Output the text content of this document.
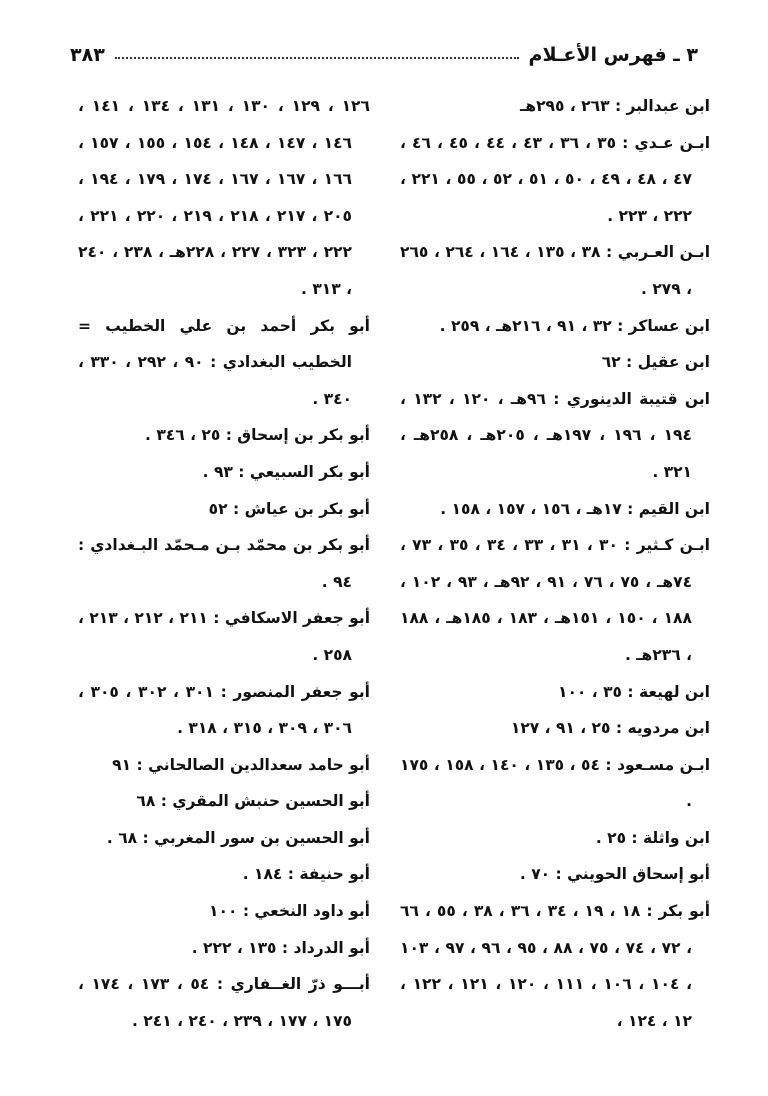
٣ ـ فهرس الأعـلام
٣٨٣
ابن عبدالبر : ٢٦٣ ، ٢٩٥هـ
ابـن عـدي : ٣٥ ، ٣٦ ، ٤٣ ، ٤٤ ، ٤٥ ، ٤٦ ، ٤٧ ، ٤٨ ، ٤٩ ، ٥٠ ، ٥١ ، ٥٢ ، ٥٥ ، ٢٢١ ، ٢٢٢ ، ٢٢٣ .
ابـن العـربي : ٣٨ ، ١٣٥ ، ١٦٤ ، ٢٦٤ ، ٢٦٥ ، ٢٧٩ .
ابن عساكر : ٣٢ ، ٩١ ، ٢١٦هـ ، ٢٥٩ .
ابن عقيل : ٦٢
ابن قتيبة الدينوري : ٩٦هـ ، ١٢٠ ، ١٣٢ ، ١٩٤ ، ١٩٦ ، ١٩٧هـ ، ٢٠٥هـ ، ٢٥٨هـ ، ٣٢١ .
ابن القيم : ١٧هـ ، ١٥٦ ، ١٥٧ ، ١٥٨ .
ابـن كـثير : ٣٠ ، ٣١ ، ٣٣ ، ٣٤ ، ٣٥ ، ٧٣ ، ٧٤هـ ، ٧٥ ، ٧٦ ، ٩١ ، ٩٢هـ ، ٩٣ ، ١٠٢ ، ١٨٨ ، ١٥٠ ، ١٥١هـ ، ١٨٣ ، ١٨٥هـ ، ١٨٨ ، ٢٣٦هـ .
ابن لهيعة : ٣٥ ، ١٠٠
ابن مردويه : ٢٥ ، ٩١ ، ١٢٧
ابـن مسـعود : ٥٤ ، ١٣٥ ، ١٤٠ ، ١٥٨ ، ١٧٥ .
ابن واثلة : ٢٥ .
أبو إسحاق الحويني : ٧٠ .
أبو بكر : ١٨ ، ١٩ ، ٣٤ ، ٣٦ ، ٣٨ ، ٥٥ ، ٦٦ ، ٧٢ ، ٧٤ ، ٧٥ ، ٨٨ ، ٩٥ ، ٩٦ ، ٩٧ ، ١٠٣ ، ١٠٤ ، ١٠٦ ، ١١١ ، ١٢٠ ، ١٢١ ، ١٢٢ ، ١٢ ، ١٢٤ ،
١٢٦ ، ١٢٩ ، ١٣٠ ، ١٣١ ، ١٣٤ ، ١٤١ ، ١٤٦ ، ١٤٧ ، ١٤٨ ، ١٥٤ ، ١٥٥ ، ١٥٧ ، ١٦٦ ، ١٦٧ ، ١٦٧ ، ١٧٤ ، ١٧٩ ، ١٩٤ ، ٢٠٥ ، ٢١٧ ، ٢١٨ ، ٢١٩ ، ٢٢٠ ، ٢٢١ ، ٢٢٢ ، ٣٢٣ ، ٢٢٧ ، ٢٢٨هـ ، ٢٣٨ ، ٢٤٠ ، ٣١٣ .
أبو بكر أحمد بن علي الخطيب = الخطيب البغدادي : ٩٠ ، ٢٩٢ ، ٣٣٠ ، ٣٤٠ .
أبو بكر بن إسحاق : ٢٥ ، ٣٤٦ .
أبو بكر السبيعي : ٩٣ .
أبو بكر بن عياش : ٥٢
أبو بكر بن محمّد بـن مـحمّد البـغدادي : ٩٤ .
أبو جعفر الاسكافي : ٢١١ ، ٢١٢ ، ٢١٣ ، ٢٥٨ .
أبو جعفر المنصور : ٣٠١ ، ٣٠٢ ، ٣٠٥ ، ٣٠٦ ، ٣٠٩ ، ٣١٥ ، ٣١٨ .
أبو حامد سعدالدين الصالحاني : ٩١
أبو الحسين حنبش المقري : ٦٨
أبو الحسين بن سور المغربي : ٦٨ .
أبو حنيفة : ١٨٤ .
أبو داود النخعي : ١٠٠
أبو الدرداد : ١٣٥ ، ٢٢٢ .
أبـــو ذرّ الغــفاري : ٥٤ ، ١٧٣ ، ١٧٤ ، ١٧٥ ، ١٧٧ ، ٢٣٩ ، ٢٤٠ ، ٢٤١ .
